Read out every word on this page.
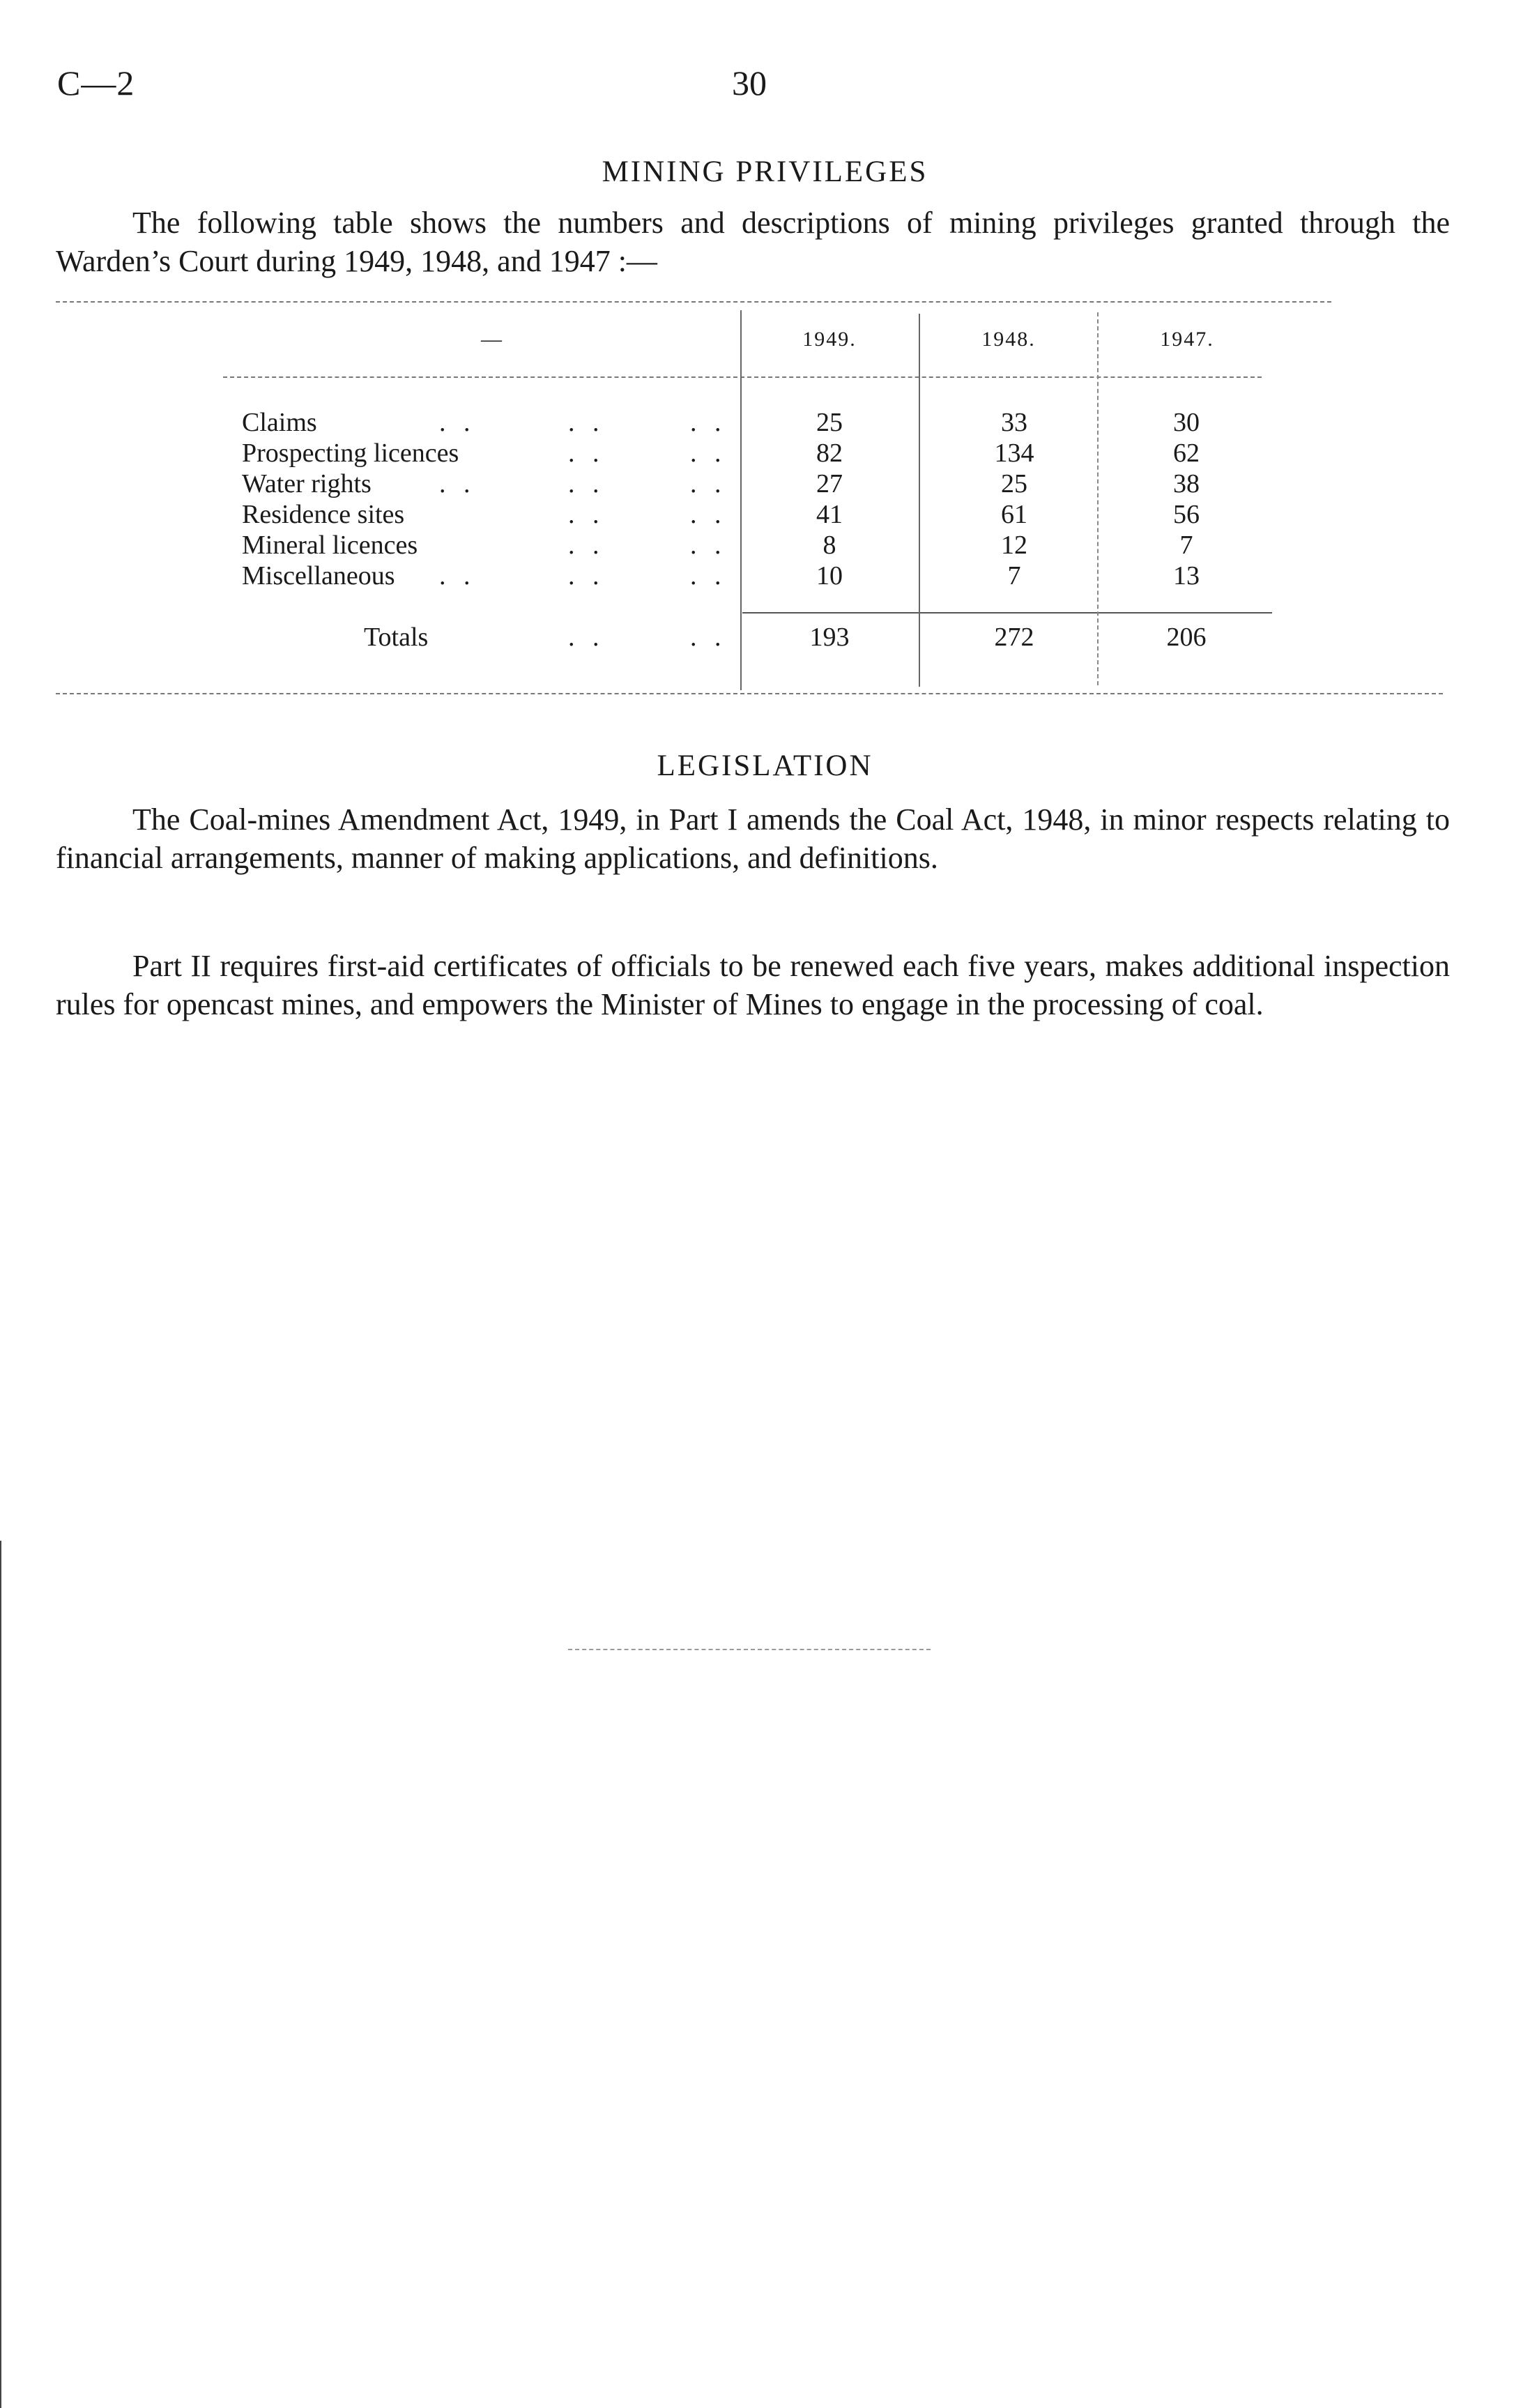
C—2	30
MINING PRIVILEGES
The following table shows the numbers and descriptions of mining privileges granted through the Warden’s Court during 1949, 1948, and 1947 :—
—	1949.	1948.	1947.
Claims	. .	. .	. .	25	33	30
Prospecting licences	. .	. .	82	134	62
Water rights	. .	. .	. .	27	25	38
Residence sites	. .	. .	41	61	56
Mineral licences	. .	. .	8	12	7
Miscellaneous . .	. .	. .	10	7	13
Totals	. .	. .	193	272	206
LEGISLATION
The Coal-mines Amendment Act, 1949, in Part I amends the Coal Act, 1948, in minor respects relating to financial arrangements, manner of making applications, and definitions.
Part II requires first-aid certificates of officials to be renewed each five years, makes additional inspection rules for opencast mines, and empowers the Minister of Mines to engage in the processing of coal.
